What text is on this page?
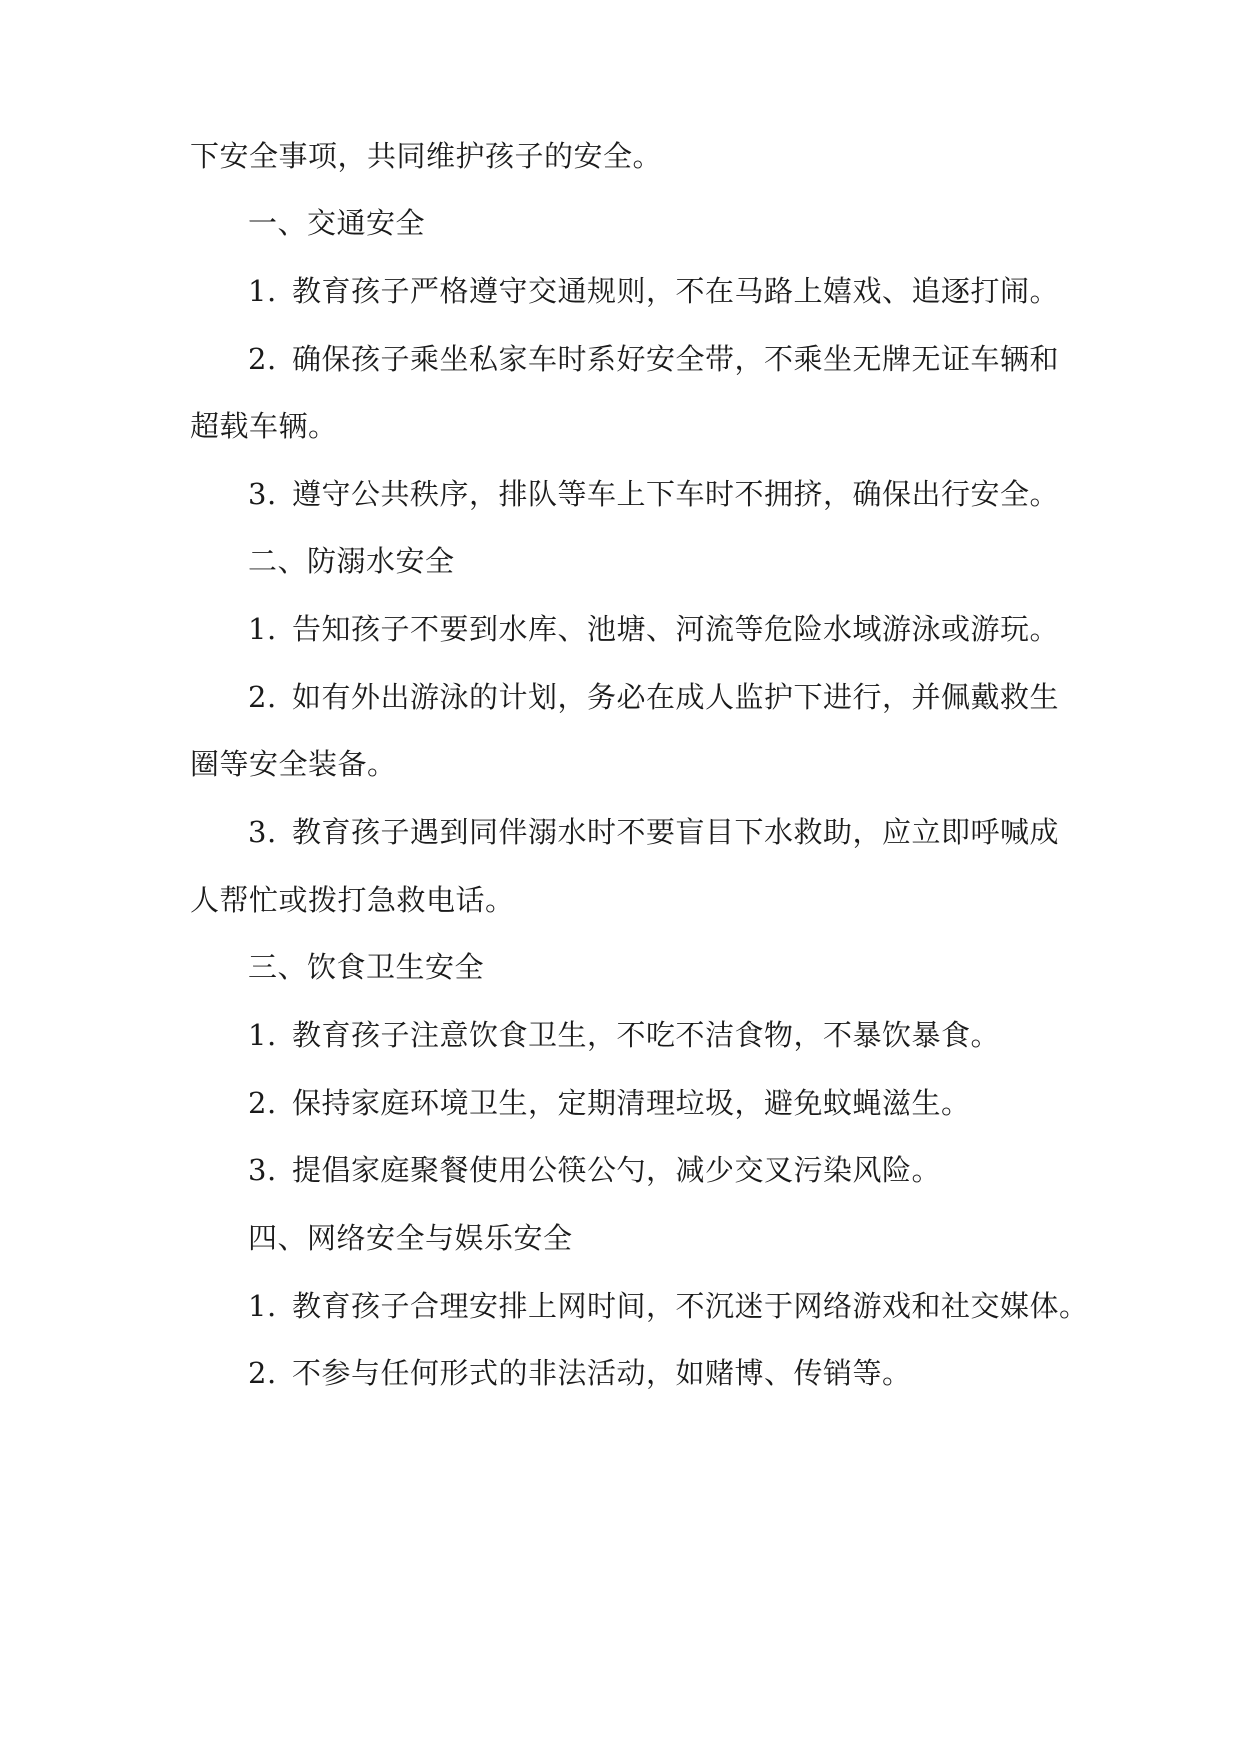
下安全事项，共同维护孩子的安全。
一、交通安全
1. 教育孩子严格遵守交通规则，不在马路上嬉戏、追逐打闹。
2. 确保孩子乘坐私家车时系好安全带，不乘坐无牌无证车辆和
超载车辆。
3. 遵守公共秩序，排队等车上下车时不拥挤，确保出行安全。
二、防溺水安全
1. 告知孩子不要到水库、池塘、河流等危险水域游泳或游玩。
2. 如有外出游泳的计划，务必在成人监护下进行，并佩戴救生
圈等安全装备。
3. 教育孩子遇到同伴溺水时不要盲目下水救助，应立即呼喊成
人帮忙或拨打急救电话。
三、饮食卫生安全
1. 教育孩子注意饮食卫生，不吃不洁食物，不暴饮暴食。
2. 保持家庭环境卫生，定期清理垃圾，避免蚊蝇滋生。
3. 提倡家庭聚餐使用公筷公勺，减少交叉污染风险。
四、网络安全与娱乐安全
1. 教育孩子合理安排上网时间，不沉迷于网络游戏和社交媒体。
2. 不参与任何形式的非法活动，如赌博、传销等。
